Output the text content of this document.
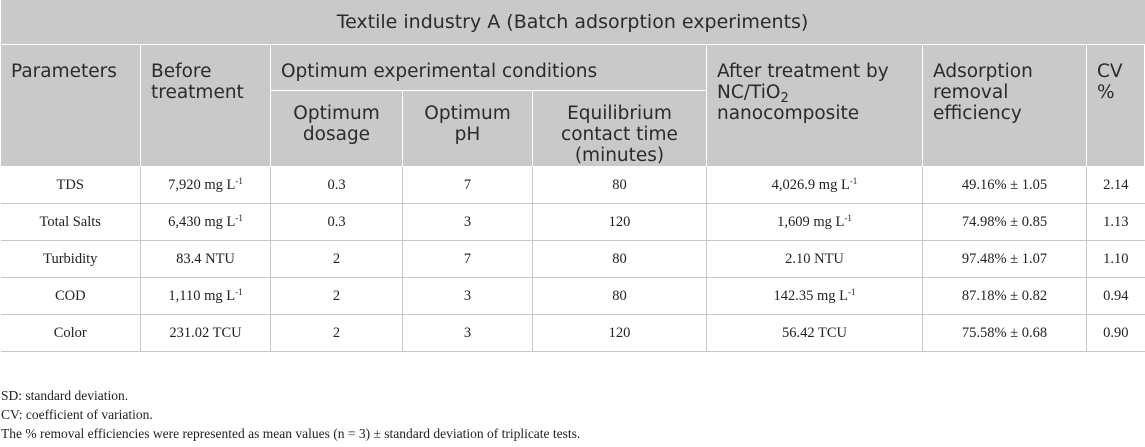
Textile industry A (Batch adsorption experiments)							
Parameters	Before treatment	Optimum experimental conditions			After treatment by NC/TiO$_2$ nanocomposite	Adsorption removal efficiency	CV %
		Optimum dosage	Optimum pH	Equilibrium contact time (minutes)			
TDS	7,920 mg $L^{-1}$	0.3	7	80	4,026.9 mg $L^{-1}$	49.16% ± 1.05	2.14
Total Salts	6,430 mg $L^{-1}$	0.3	3	120	1,609 mg $L^{-1}$	74.98% ± 0.85	1.13
Turbidity	83.4 NTU	2	7	80	2.10 NTU	97.48% ± 1.07	1.10
COD	1,110 mg $L^{-1}$	2	3	80	142.35 mg $L^{-1}$	87.18% ± 0.82	0.94
Color	231.02 TCU	2	3	120	56.42 TCU	75.58% ± 0.68	0.90
SD: standard deviation.
CV: coefficient of variation.
The % removal efficiencies were represented as mean values (n = 3) ± standard deviation of triplicate tests.
